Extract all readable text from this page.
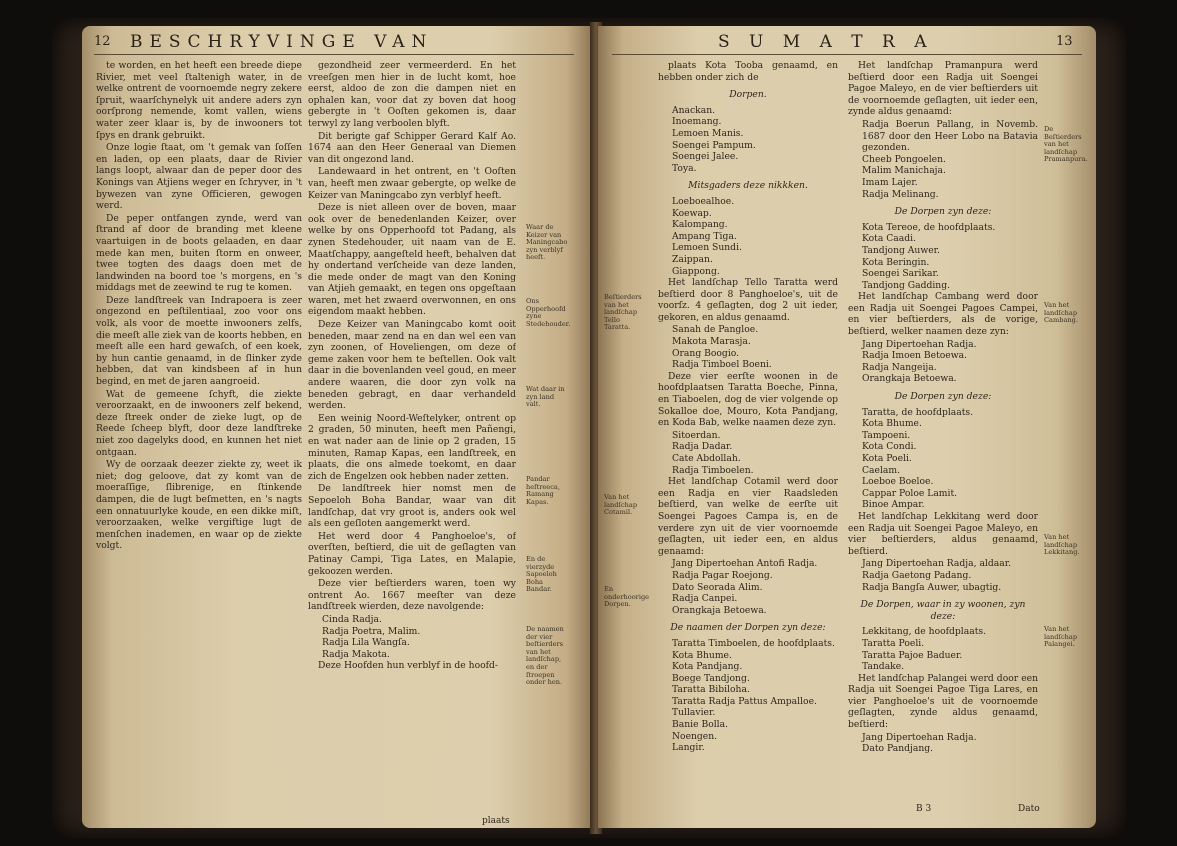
12 BESCHRYVINGE VAN

te worden, en het heeft een breede diepe Rivier, met veel ſtaltenigh water, in de welke ontrent de voornoemde negry zekere ſpruit, waarſchynelyk uit andere aders zyn oorſprong nemende, komt vallen, wiens water zeer klaar is, by de inwooners tot ſpys en drank gebruikt.

Onze logie ſtaat, om 't gemak van ſoſſen en laden, op een plaats, daar de Rivier langs loopt, alwaar dan de peper door des Konings van Atjiens weger en ſchryver, in 't bywezen van zyne Officieren, gewogen werd.

De peper ontfangen zynde, werd van ſtrand af door de branding met kleene vaartuigen in de boots gelaaden, en daar mede kan men, buiten ſtorm en onweer, twee togten des daags doen met de landwinden na boord toe 's morgens, en 's middags met de zeewind te rug te komen.

Deze landſtreek van Indrapoera is zeer ongezond en peſtilentiaal, zoo voor ons volk, als voor de moette inwooners zelfs, die meeſt alle ziek van de koorts hebben, en meeſt alle een hard gewaſch, of een koek, by hun cantie genaamd, in de ſlinker zyde hebben, dat van kindsbeen af in hun begind, en met de jaren aangroeid.

Wat de gemeene ſchyft, die ziekte veroorzaakt, en de inwooners zelf bekend, deze ſtreek onder de zieke lugt, op de Reede ſcheep blyft, door deze landſtreke niet zoo dagelyks dood, en kunnen het niet ontgaan.

Wy de oorzaak deezer ziekte zy, weet ik niet; dog geloove, dat zy komt van de moeraſſige, ſlibrenige, en ſtinkende dampen, die de lugt beſmetten, en 's nagts een onnatuurlyke koude, en een dikke miſt, veroorzaaken, welke vergiftige lugt de menſchen inademen, en waar op de ziekte volgt.

gezondheid zeer vermeerderd. En het vreeſgen men hier in de lucht komt, hoe eerst, aldoo de zon die dampen niet en ophalen kan, voor dat zy boven dat hoog gebergte in 't Ooſten gekomen is, daar terwyl zy lang verboolen blyft.

Dit berigte gaf Schipper Gerard Kalf Ao. 1674 aan den Heer Generaal van Diemen van dit ongezond land.

Landewaard in het ontrent, en 't Ooſten van, heeft men zwaar gebergte, op welke de Keizer van Maningcabo zyn verblyf heeft.

Deze is niet alleen over de boven, maar ook over de benedenlanden Keizer, over welke by ons Opperhoofd tot Padang, als zynen Stedehouder, uit naam van de E. Maatſchappy, aangeſteld heeft, behalven dat hy ondertand verſcheide van deze landen, die mede onder de magt van den Koning van Atjieh gemaakt, en tegen ons opgeſtaan waren, met het zwaerd overwonnen, en ons eigendom maakt hebben.

Deze Keizer van Maningcabo komt ooit beneden, maar zend na en dan wel een van zyn zoonen, of Hoveliengen, om deze of geme zaken voor hem te beſtellen. Ook valt daar in die bovenlanden veel goud, en meer andere waaren, die door zyn volk na beneden gebragt, en daar verhandeld werden.

Een weinig Noord-Weſtelyker, ontrent op 2 graden, 50 minuten, heeft men Pañengi, en wat nader aan de linie op 2 graden, 15 minuten, Ramap Kapas, een landſtreek, en plaats, die ons almede toekomt, en daar zich de Engelzen ook hebben nader zetten.

De landſtreek hier nomst men de Sepoeloh Boha Bandar, waar van dit landſchap, dat vry groot is, anders ook wel als een geſloten aangemerkt werd.

Het werd door 4 Panghoeloe's, of overſten, beſtierd, die uit de geſlagten van Patinay Campi, Tiga Lates, en Malapie, gekoozen werden.

Deze vier beſtierders waren, toen wy ontrent Ao. 1667 meeſter van deze landſtreek wierden, deze navolgende:

Cinda Radja.

Radja Poetra, Malim.

Radja Lila Wangſa.

Radja Makota.

Deze Hoofden hun verblyf in de hoofd-

Waar de Keizer van Maningcabo zyn verblyf heeft.
Ons Opperhoofd zyne Stedehouder.
Wat daar in zyn land valt.
Pandar heſtreeca, Ramang Kapas.
En de vierzyde Sapoeloh Boha Bandar.
De naamen der vier beſtierders van het landſchap, en der ſtroepen onder hen.
plaats
S U M A T R A	13
Beſtierders van het landſchap Tello Taratta.
Van het landſchap Cotamil.
En onderhoorige Dorpen.
De Beſtierders van het landſchap Pramanpura.
Van het landſchap Cambang.
Van het landſchap Lekkitang.
Van het landſchap Palangei.

plaats Kota Tooba genaamd, en hebben onder zich de

Dorpen.

Anackan.

Inoemang.

Lemoen Manis.

Soengei Pampum.

Soengei Jalee.

Toya.

Mitsgaders deze nikkken.

Loeboealhoe.

Koewap.

Kalompang.

Ampang Tiga.

Lemoen Sundi.

Zaippan.

Giappong.

Het landſchap Tello Taratta werd beſtierd door 8 Panghoeloe's, uit de voorſz. 4 geſlagten, dog 2 uit ieder, gekoren, en aldus genaamd.

Sanah de Pangloe.

Makota Marasja.

Orang Boogio.

Radja Timboel Boeni.

Deze vier eerſte woonen in de hoofdplaatsen Taratta Boeche, Pinna, en Tiaboelen, dog de vier volgende op Sokalloe doe, Mouro, Kota Pandjang, en Koda Bab, welke naamen deze zyn.

Sitoerdan.

Radja Dadar.

Cate Abdollah.

Radja Timboelen.

Het landſchap Cotamil werd door een Radja en vier Raadsleden beſtierd, van welke de eerſte uit Soengei Pagoes Campa is, en de verdere zyn uit de vier voornoemde geſlagten, uit ieder een, en aldus genaamd:

Jang Dipertoehan Antofi Radja.

Radja Pagar Roejong.

Dato Seorada Alim.

Radja Canpei.

Orangkaja Betoewa.

De naamen der Dorpen zyn deze:

Taratta Timboelen, de hoofdplaats.

Kota Bhume.

Kota Pandjang.

Boege Tandjong.

Taratta Bibiloha.

Taratta Radja Pattus Ampalloe.

Tullavier.

Banie Bolla.

Noengen.

Langir.

Het landſchap Pramanpura werd beſtierd door een Radja uit Soengei Pagoe Maleyo, en de vier beſtierders uit de voornoemde geſlagten, uit ieder een, zynde aldus genaamd:

Radja Boerun Pallang, in Novemb. 1687 door den Heer Lobo na Batavia gezonden.

Cheeb Pongoelen.

Malim Manichaja.

Imam Lajer.

Radja Melinang.

De Dorpen zyn deze:

Kota Tereoe, de hoofdplaats.

Kota Caadi.

Tandjong Auwer.

Kota Beringin.

Soengei Sarikar.

Tandjong Gadding.

Het landſchap Cambang werd door een Radja uit Soengei Pagoes Campei, en vier beſtierders, als de vorige, beſtierd, welker naamen deze zyn:

Jang Dipertoehan Radja.

Radja Imoen Betoewa.

Radja Nangeija.

Orangkaja Betoewa.

De Dorpen zyn deze:

Taratta, de hoofdplaats.

Kota Bhume.

Tampoeni.

Kota Condi.

Kota Poeli.

Caelam.

Loeboe Boeloe.

Cappar Poloe Lamit.

Binoe Ampar.

Het landſchap Lekkitang werd door een Radja uit Soengei Pagoe Maleyo, en vier beſtierders, aldus genaamd, beſtierd.

Jang Dipertoehan Radja, aldaar.

Radja Gaetong Padang.

Radja Bangſa Auwer, ubagtig.

De Dorpen, waar in zy woonen, zyn deze:

Lekkitang, de hoofdplaats.

Taratta Poeli.

Taratta Pajoe Baduer.

Tandake.

Het landſchap Palangei werd door een Radja uit Soengei Pagoe Tiga Lares, en vier Panghoeloe's uit de voornoemde geſlagten, zynde aldus genaamd, beſtierd:

Jang Dipertoehan Radja.

Dato Pandjang.

B 3	Dato
